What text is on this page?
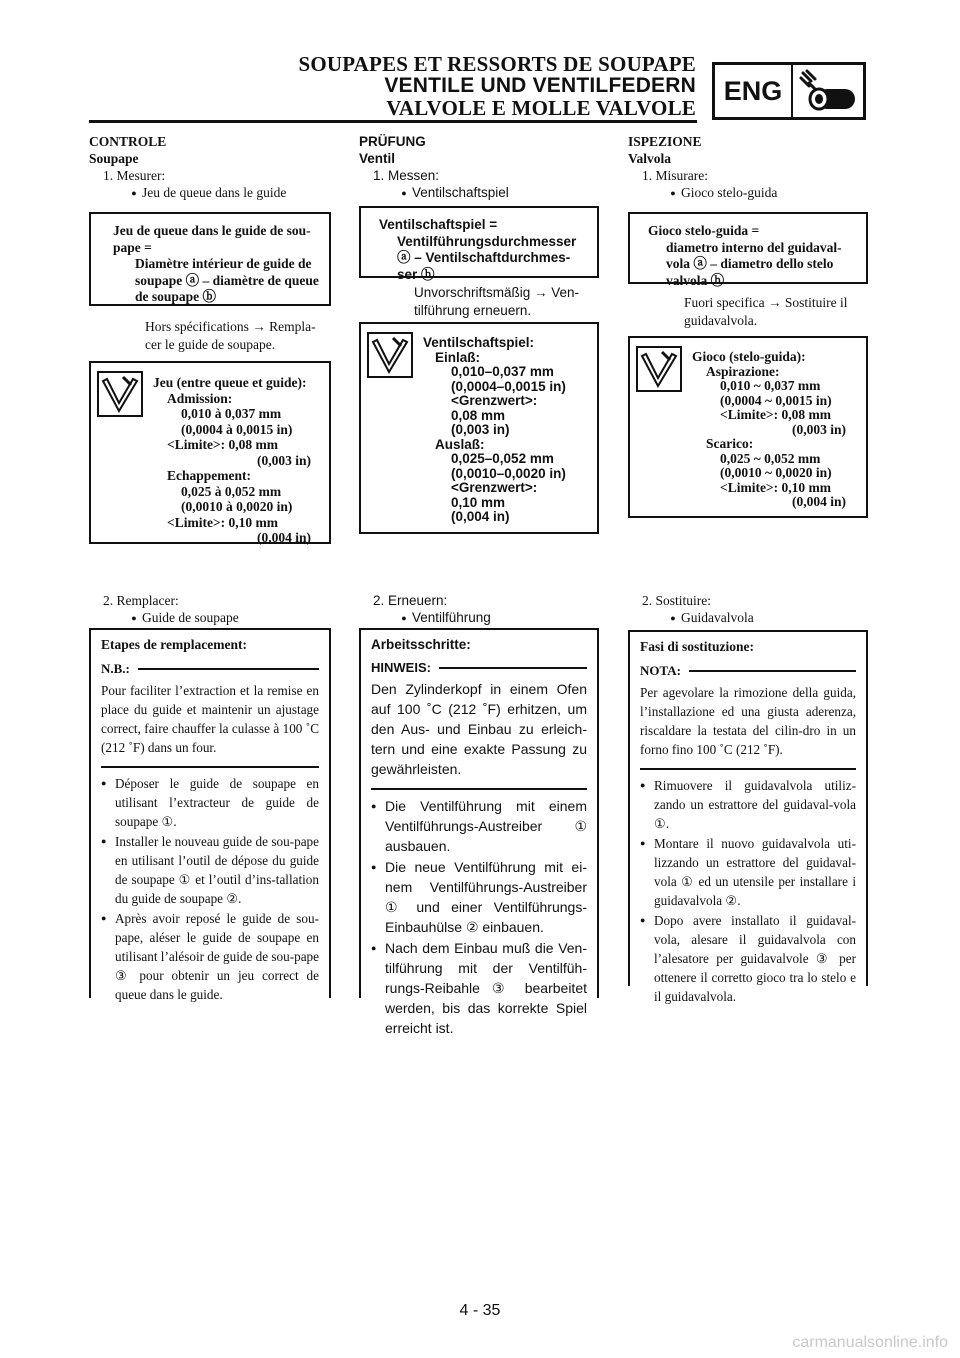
SOUPAPES ET RESSORTS DE SOUPAPE
VENTILE UND VENTILFEDERN
VALVOLE E MOLLE VALVOLE
ENG
CONTROLE
Soupape
1. Mesurer:
● Jeu de queue dans le guide
Jeu de queue dans le guide de sou-pape =
Diamètre intérieur de guide de soupape ⓐ – diamètre de queue de soupape ⓑ
Hors spécifications → Rempla-cer le guide de soupape.
Jeu (entre queue et guide):
Admission:
0,010 à 0,037 mm
(0,0004 à 0,0015 in)
<Limite>: 0,08 mm
(0,003 in)
Echappement:
0,025 à 0,052 mm
(0,0010 à 0,0020 in)
<Limite>: 0,10 mm
(0,004 in)
2. Remplacer:
● Guide de soupape
Etapes de remplacement:
N.B.:

Pour faciliter l’extraction et la remise en place du guide et maintenir un ajustage correct, faire chauffer la culasse à 100 ˚C (212 ˚F) dans un four.

● Déposer le guide de soupape en utilisant l’extracteur de guide de soupape ①.
● Installer le nouveau guide de sou-pape en utilisant l’outil de dépose du guide de soupape ① et l’outil d’ins-tallation du guide de soupape ②.
● Après avoir reposé le guide de sou-pape, aléser le guide de soupape en utilisant l’alésoir de guide de sou-pape ③ pour obtenir un jeu correct de queue dans le guide.
PRÜFUNG
Ventil
1. Messen:
● Ventilschaftspiel
Ventilschaftspiel =
Ventilführungsdurchmesser ⓐ – Ventilschaftdurchmes-ser ⓑ
Unvorschriftsmäßig → Ven-tilführung erneuern.
Ventilschaftspiel:
Einlaß:
0,010–0,037 mm
(0,0004–0,0015 in)
<Grenzwert>:
0,08 mm
(0,003 in)
Auslaß:
0,025–0,052 mm
(0,0010–0,0020 in)
<Grenzwert>:
0,10 mm
(0,004 in)
2. Erneuern:
● Ventilführung
Arbeitsschritte:
HINWEIS:

Den Zylinderkopf in einem Ofen auf 100 ˚C (212 ˚F) erhitzen, um den Aus- und Einbau zu erleich-tern und eine exakte Passung zu gewährleisten.

● Die Ventilführung mit einem Ventilführungs-Austreiber ① ausbauen.
● Die neue Ventilführung mit ei-nem Ventilführungs-Austreiber ① und einer Ventilführungs-Einbauhülse ② einbauen.
● Nach dem Einbau muß die Ven-tilführung mit der Ventilfüh-rungs-Reibahle ③ bearbeitet werden, bis das korrekte Spiel erreicht ist.
ISPEZIONE
Valvola
1. Misurare:
● Gioco stelo-guida
Gioco stelo-guida =
diametro interno del guidaval-vola ⓐ – diametro dello stelo valvola ⓑ
Fuori specifica → Sostituire il guidavalvola.
Gioco (stelo-guida):
Aspirazione:
0,010 ~ 0,037 mm
(0,0004 ~ 0,0015 in)
<Limite>: 0,08 mm
(0,003 in)
Scarico:
0,025 ~ 0,052 mm
(0,0010 ~ 0,0020 in)
<Limite>: 0,10 mm
(0,004 in)
2. Sostituire:
● Guidavalvola
Fasi di sostituzione:
NOTA:

Per agevolare la rimozione della guida, l’installazione ed una giusta aderenza, riscaldare la testata del cilin-dro in un forno fino 100 ˚C (212 ˚F).

● Rimuovere il guidavalvola utiliz-zando un estrattore del guidaval-vola ①.
● Montare il nuovo guidavalvola uti-lizzando un estrattore del guidaval-vola ① ed un utensile per installare i guidavalvola ②.
● Dopo avere installato il guidaval-vola, alesare il guidavalvola con l’alesatore per guidavalvole ③ per ottenere il corretto gioco tra lo stelo e il guidavalvola.
4 - 35
carmanualsonline.info
